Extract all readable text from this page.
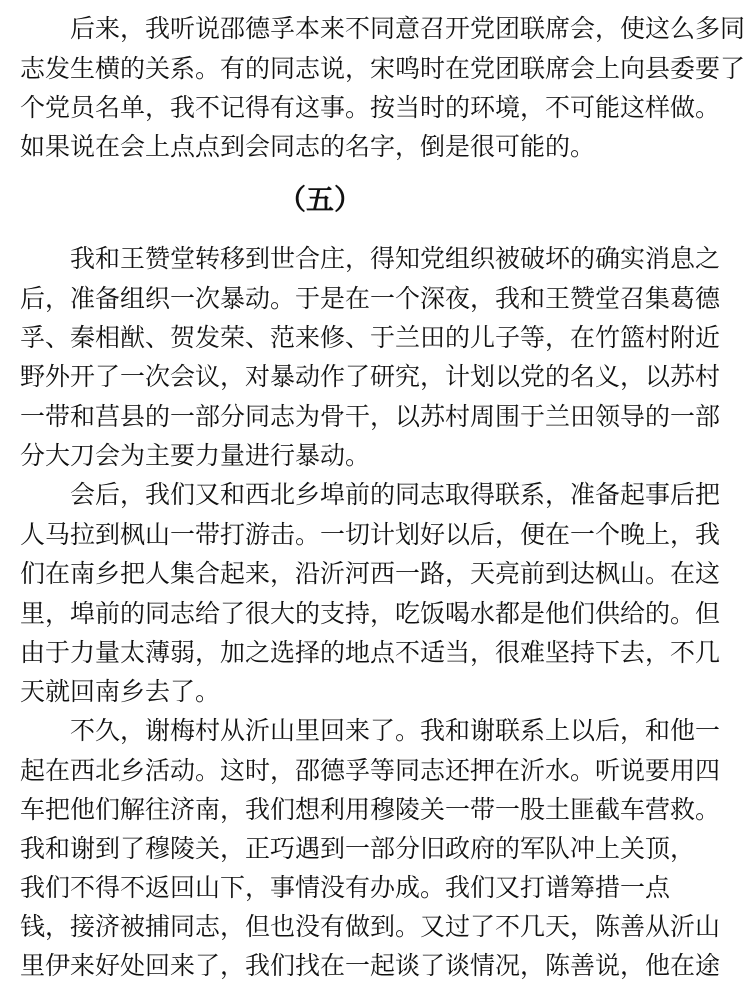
后来，我听说邵德孚本来不同意召开党团联席会，使这么多同
志发生横的关系。有的同志说，宋鸣时在党团联席会上向县委要了
个党员名单，我不记得有这事。按当时的环境，不可能这样做。
如果说在会上点点到会同志的名字，倒是很可能的。
（五）
我和王赞堂转移到世合庄，得知党组织被破坏的确实消息之
后，准备组织一次暴动。于是在一个深夜，我和王赞堂召集葛德
孚、秦相猷、贺发荣、范来修、于兰田的儿子等，在竹篮村附近
野外开了一次会议，对暴动作了研究，计划以党的名义，以苏村
一带和莒县的一部分同志为骨干，以苏村周围于兰田领导的一部
分大刀会为主要力量进行暴动。
会后，我们又和西北乡埠前的同志取得联系，准备起事后把
人马拉到枫山一带打游击。一切计划好以后，便在一个晚上，我
们在南乡把人集合起来，沿沂河西一路，天亮前到达枫山。在这
里，埠前的同志给了很大的支持，吃饭喝水都是他们供给的。但
由于力量太薄弱，加之选择的地点不适当，很难坚持下去，不几
天就回南乡去了。
不久，谢梅村从沂山里回来了。我和谢联系上以后，和他一
起在西北乡活动。这时，邵德孚等同志还押在沂水。听说要用四
车把他们解往济南，我们想利用穆陵关一带一股土匪截车营救。
我和谢到了穆陵关，正巧遇到一部分旧政府的军队冲上关顶，
我们不得不返回山下，事情没有办成。我们又打谱筹措一点
钱，接济被捕同志，但也没有做到。又过了不几天，陈善从沂山
里伊来好处回来了，我们找在一起谈了谈情况，陈善说，他在途
